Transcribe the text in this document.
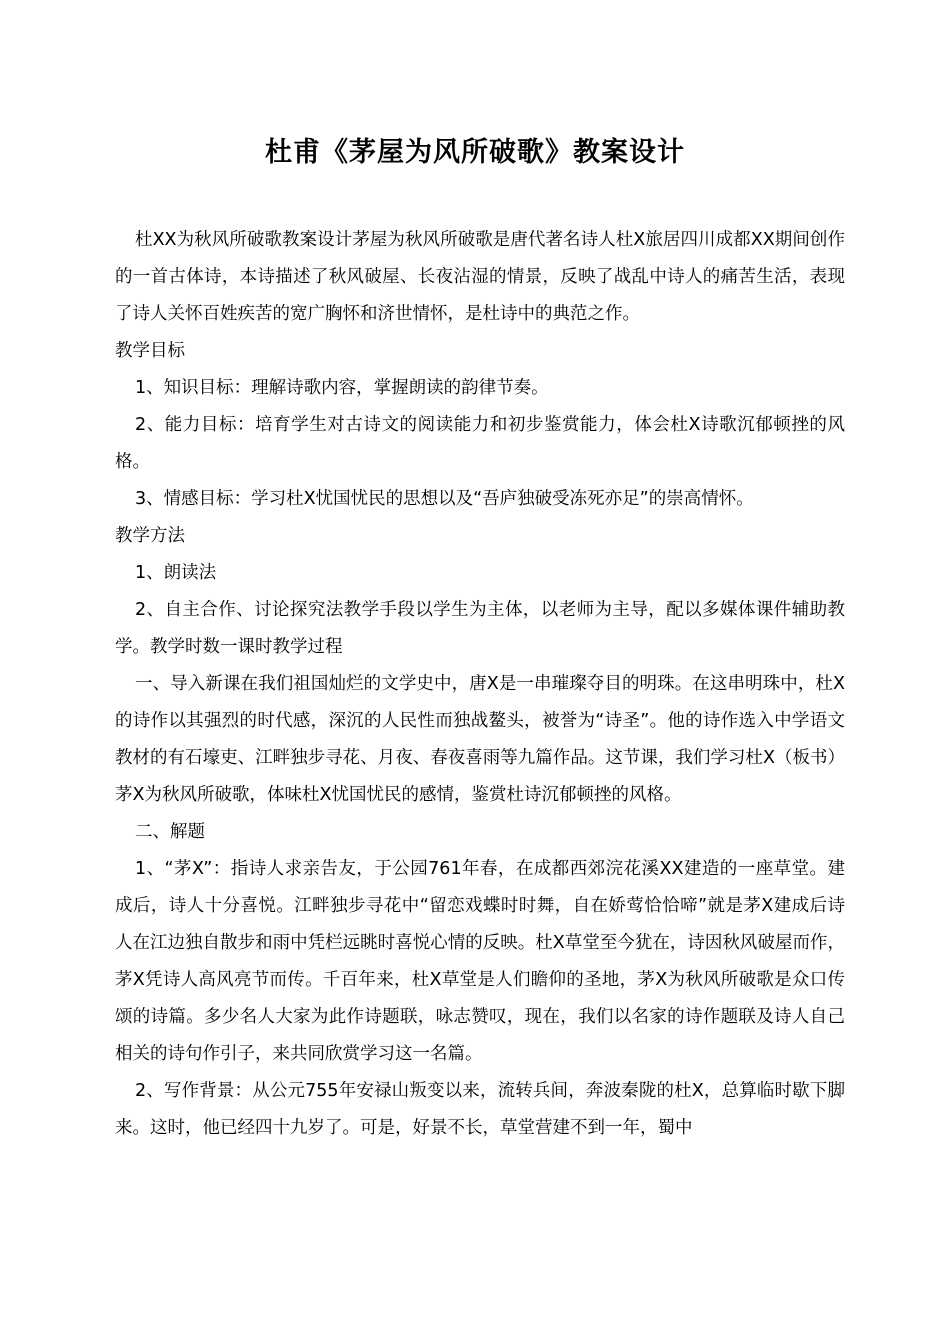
杜甫《茅屋为风所破歌》教案设计

杜XX为秋风所破歌教案设计茅屋为秋风所破歌是唐代著名诗人杜X旅居四川成都XX期间创作的一首古体诗，本诗描述了秋风破屋、长夜沾湿的情景，反映了战乱中诗人的痛苦生活，表现了诗人关怀百姓疾苦的宽广胸怀和济世情怀，是杜诗中的典范之作。

教学目标

1、知识目标：理解诗歌内容，掌握朗读的韵律节奏。

2、能力目标：培育学生对古诗文的阅读能力和初步鉴赏能力，体会杜X诗歌沉郁顿挫的风格。

3、情感目标：学习杜X忧国忧民的思想以及“吾庐独破受冻死亦足”的崇高情怀。

教学方法

1、朗读法

2、自主合作、讨论探究法教学手段以学生为主体，以老师为主导，配以多媒体课件辅助教学。教学时数一课时教学过程

一、导入新课在我们祖国灿烂的文学史中，唐X是一串璀璨夺目的明珠。在这串明珠中，杜X的诗作以其强烈的时代感，深沉的人民性而独战鳌头，被誉为“诗圣”。他的诗作选入中学语文教材的有石壕吏、江畔独步寻花、月夜、春夜喜雨等九篇作品。这节课，我们学习杜X（板书）茅X为秋风所破歌，体味杜X忧国忧民的感情，鉴赏杜诗沉郁顿挫的风格。

二、解题

1、“茅X”：指诗人求亲告友，于公园761年春，在成都西郊浣花溪XX建造的一座草堂。建成后，诗人十分喜悦。江畔独步寻花中“留恋戏蝶时时舞，自在娇莺恰恰啼”就是茅X建成后诗人在江边独自散步和雨中凭栏远眺时喜悦心情的反映。杜X草堂至今犹在，诗因秋风破屋而作，茅X凭诗人高风亮节而传。千百年来，杜X草堂是人们瞻仰的圣地，茅X为秋风所破歌是众口传颂的诗篇。多少名人大家为此作诗题联，咏志赞叹，现在，我们以名家的诗作题联及诗人自己相关的诗句作引子，来共同欣赏学习这一名篇。

2、写作背景：从公元755年安禄山叛变以来，流转兵间，奔波秦陇的杜X，总算临时歇下脚来。这时，他已经四十九岁了。可是，好景不长，草堂营建不到一年，蜀中
